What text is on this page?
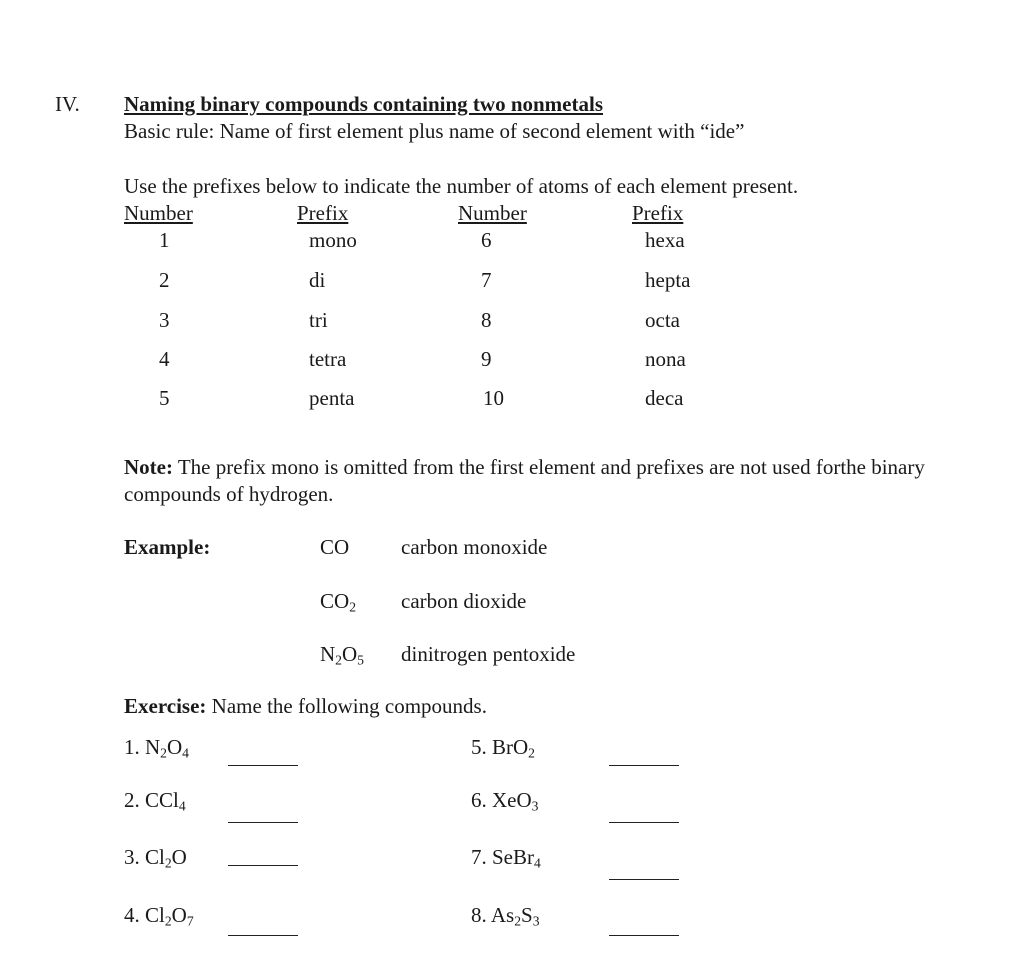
IV. Naming binary compounds containing two nonmetals
Basic rule: Name of first element plus name of second element with “ide”
Use the prefixes below to indicate the number of atoms of each element present.
Number	Prefix	Number	Prefix
1	mono	6	hexa
2	di	7	hepta
3	tri	8	octa
4	tetra	9	nona
5	penta	10	deca
Note: The prefix mono is omitted from the first element and prefixes are not used forthe binary
compounds of hydrogen.
Example:	CO carbon monoxide
$CO_2$ carbon dioxide
$N_2O_5$ dinitrogen pentoxide
Exercise: Name the following compounds.
1. $N_2O_4$
2. CCl$_4$
3. $Cl_2O$
4. $Cl_2O_7$
5. BrO$_2$
6. XeO$_3$
7. SeBr$_4$
8. $As_2S_3$
